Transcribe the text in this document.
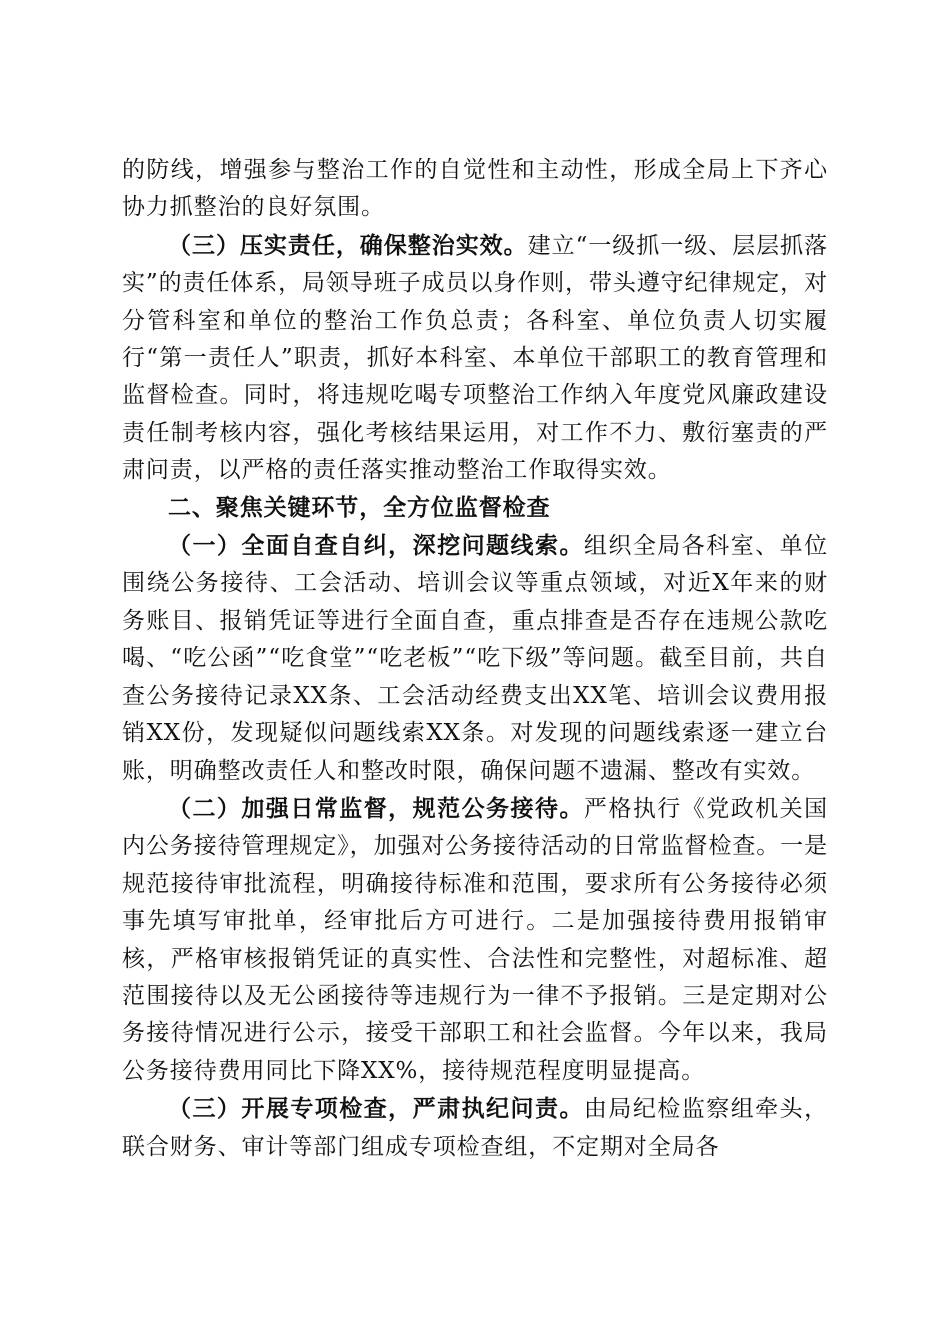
的防线，增强参与整治工作的自觉性和主动性，形成全局上下齐心协力抓整治的良好氛围。

（三）压实责任，确保整治实效。建立“一级抓一级、层层抓落实”的责任体系，局领导班子成员以身作则，带头遵守纪律规定，对分管科室和单位的整治工作负总责；各科室、单位负责人切实履行“第一责任人”职责，抓好本科室、本单位干部职工的教育管理和监督检查。同时，将违规吃喝专项整治工作纳入年度党风廉政建设责任制考核内容，强化考核结果运用，对工作不力、敷衍塞责的严肃问责，以严格的责任落实推动整治工作取得实效。

二、聚焦关键环节，全方位监督检查

（一）全面自查自纠，深挖问题线索。组织全局各科室、单位围绕公务接待、工会活动、培训会议等重点领域，对近X年来的财务账目、报销凭证等进行全面自查，重点排查是否存在违规公款吃喝、“吃公函”“吃食堂”“吃老板”“吃下级”等问题。截至目前，共自查公务接待记录XX条、工会活动经费支出XX笔、培训会议费用报销XX份，发现疑似问题线索XX条。对发现的问题线索逐一建立台账，明确整改责任人和整改时限，确保问题不遗漏、整改有实效。

（二）加强日常监督，规范公务接待。严格执行《党政机关国内公务接待管理规定》，加强对公务接待活动的日常监督检查。一是规范接待审批流程，明确接待标准和范围，要求所有公务接待必须事先填写审批单，经审批后方可进行。二是加强接待费用报销审核，严格审核报销凭证的真实性、合法性和完整性，对超标准、超范围接待以及无公函接待等违规行为一律不予报销。三是定期对公务接待情况进行公示，接受干部职工和社会监督。今年以来，我局公务接待费用同比下降XX%，接待规范程度明显提高。

（三）开展专项检查，严肃执纪问责。由局纪检监察组牵头，联合财务、审计等部门组成专项检查组，不定期对全局各
